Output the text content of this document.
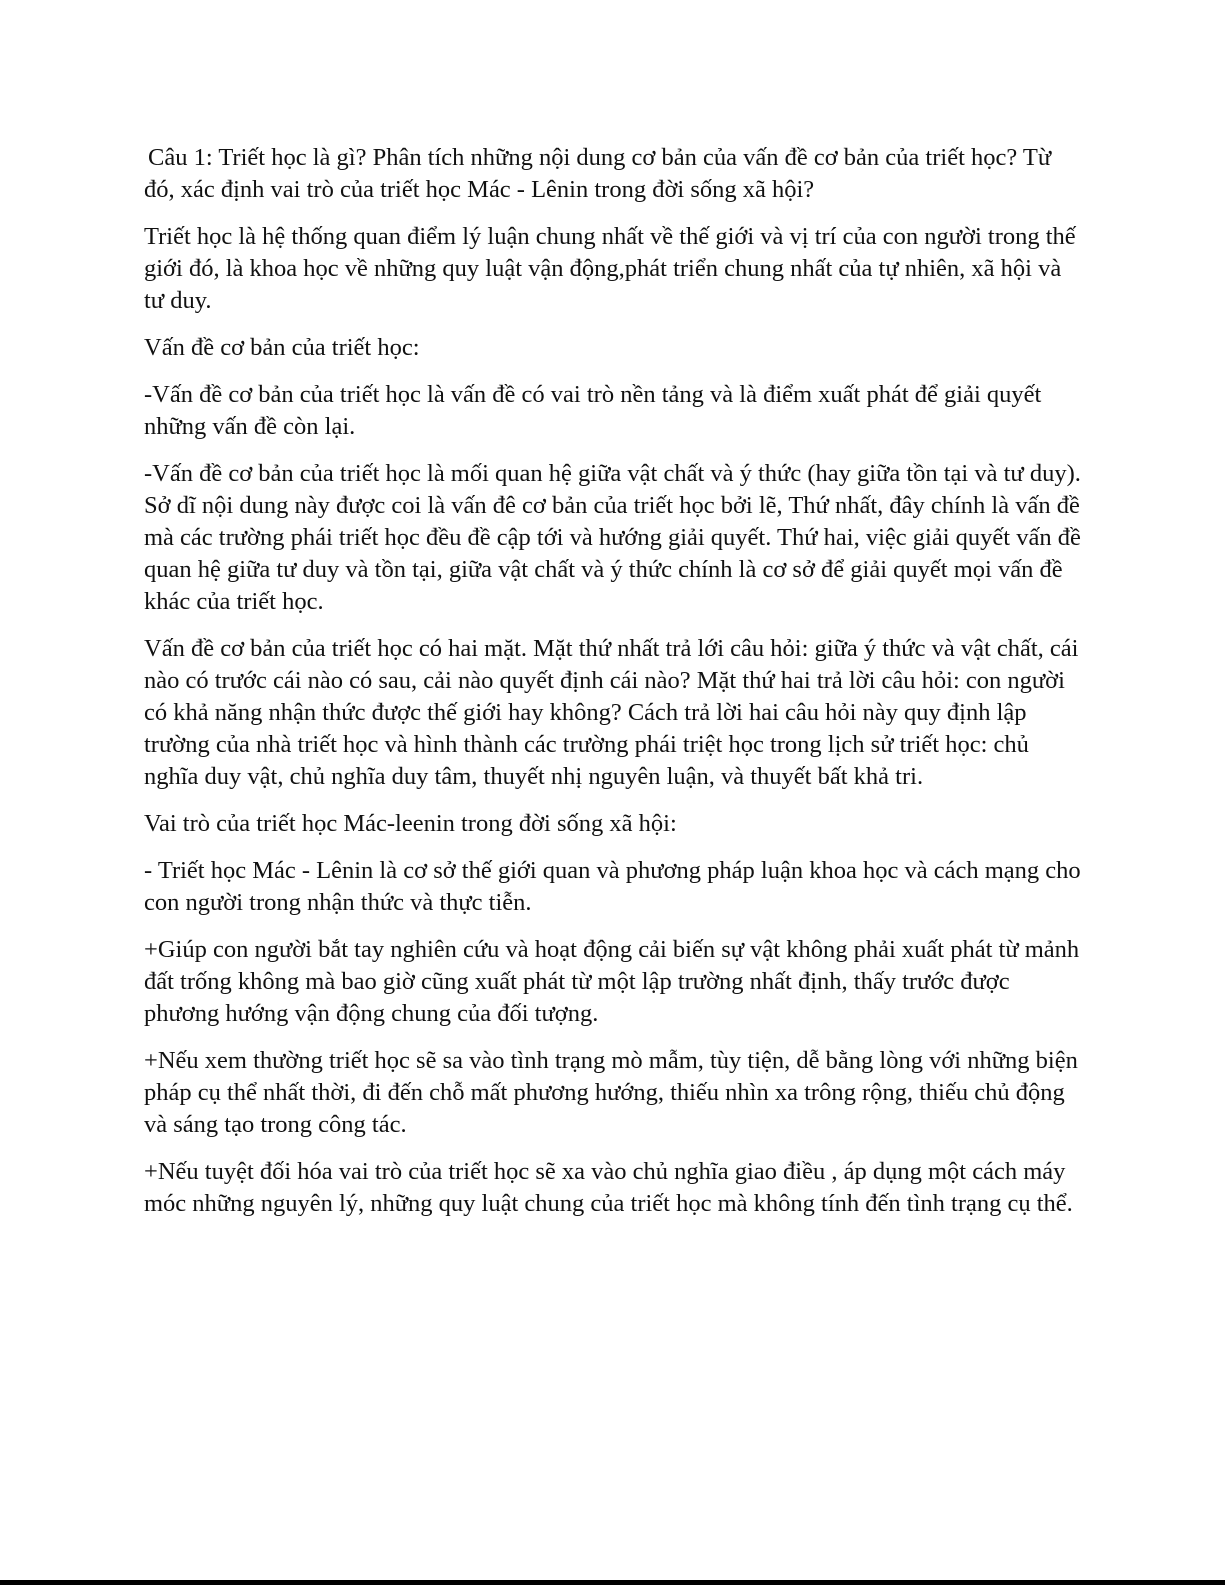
Câu 1: Triết học là gì? Phân tích những nội dung cơ bản của vấn đề cơ bản của triết học? Từ đó, xác định vai trò của triết học Mác - Lênin trong đời sống xã hội?

Triết học là hệ thống quan điểm lý luận chung nhất về thế giới và vị trí của con người trong thế giới đó, là khoa học về những quy luật vận động,phát triển chung nhất của tự nhiên, xã hội và tư duy.

Vấn đề cơ bản của triết học:

-Vấn đề cơ bản của triết học là vấn đề có vai trò nền tảng và là điểm xuất phát để giải quyết những vấn đề còn lại.

-Vấn đề cơ bản của triết học là mối quan hệ giữa vật chất và ý thức (hay giữa tồn tại và tư duy). Sở dĩ nội dung này được coi là vấn đê cơ bản của triết học bởi lẽ, Thứ nhất, đây chính là vấn đề mà các trường phái triết học đều đề cập tới và hướng giải quyết. Thứ hai, việc giải quyết vấn đề quan hệ giữa tư duy và tồn tại, giữa vật chất và ý thức chính là cơ sở để giải quyết mọi vấn đề khác của triết học.

Vấn đề cơ bản của triết học có hai mặt. Mặt thứ nhất trả lới câu hỏi: giữa ý thức và vật chất, cái nào có trước cái nào có sau, cải nào quyết định cái nào? Mặt thứ hai trả lời câu hỏi: con người có khả năng nhận thức được thế giới hay không? Cách trả lời hai câu hỏi này quy định lập trường của nhà triết học và hình thành các trường phái triệt học trong lịch sử triết học: chủ nghĩa duy vật, chủ nghĩa duy tâm, thuyết nhị nguyên luận, và thuyết bất khả tri.

Vai trò của triết học Mác-leenin trong đời sống xã hội:

- Triết học Mác - Lênin là cơ sở thế giới quan và phương pháp luận khoa học và cách mạng cho con người trong nhận thức và thực tiễn.

+Giúp con người bắt tay nghiên cứu và hoạt động cải biến sự vật không phải xuất phát từ mảnh đất trống không mà bao giờ cũng xuất phát từ một lập trường nhất định, thấy trước được phương hướng vận động chung của đối tượng.

+Nếu xem thường triết học sẽ sa vào tình trạng mò mẫm, tùy tiện, dễ bằng lòng với những biện pháp cụ thể nhất thời, đi đến chỗ mất phương hướng, thiếu nhìn xa trông rộng, thiếu chủ động và sáng tạo trong công tác.

+Nếu tuyệt đối hóa vai trò của triết học sẽ xa vào chủ nghĩa giao điều , áp dụng một cách máy móc những nguyên lý, những quy luật chung của triết học mà không tính đến tình trạng cụ thể.
